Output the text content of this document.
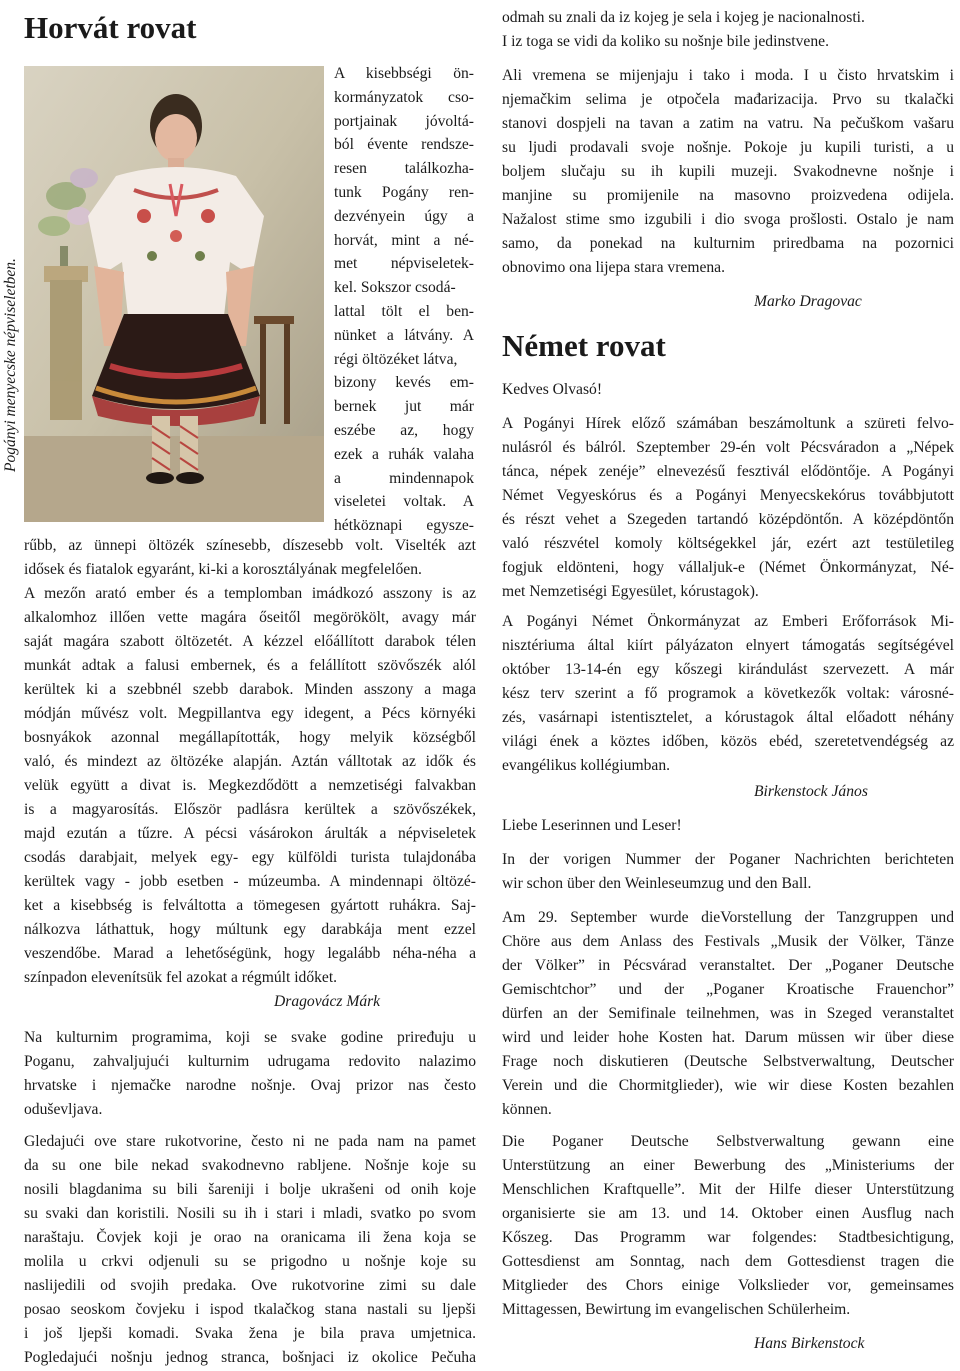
Horvát rovat
Pogányi menyecske népviseletben.
A kisebbségi ön-
kormányzatok cso-
portjainak jóvoltá-
ból évente rendsze-
resen találkozha-
tunk Pogány ren-
dezvényein úgy a
horvát, mint a né-
met népviseletek-
kel. Sokszor csodá-
lattal tölt el ben-
nünket a látvány. A
régi öltözéket látva,
bizony kevés em-
bernek jut már
eszébe az, hogy
ezek a ruhák valaha
a mindennapok
viseletei voltak. A
hétköznapi egysze-
rűbb, az ünnepi öltözék színesebb, díszesebb volt. Viselték azt
idősek és fiatalok egyaránt, ki-ki a korosztályának megfelelően.
A mezőn arató ember és a templomban imádkozó asszony is az
alkalomhoz illően vette magára őseitől megörökölt, avagy már
saját magára szabott öltözetét. A kézzel előállított darabok télen
munkát adtak a falusi embernek, és a felállított szövőszék alól
kerültek ki a szebbnél szebb darabok. Minden asszony a maga
módján művész volt. Megpillantva egy idegent, a Pécs környéki
bosnyákok azonnal megállapították, hogy melyik községből
való, és mindezt az öltözéke alapján. Aztán válltotak az idők és
velük együtt a divat is. Megkezdődött a nemzetiségi falvakban
is a magyarosítás. Először padlásra kerültek a szövőszékek,
majd ezután a tűzre. A pécsi vásárokon árulták a népviseletek
csodás darabjait, melyek egy- egy külföldi turista tulajdonába
kerültek vagy - jobb esetben - múzeumba. A mindennapi öltözé-
ket a kisebbség is felváltotta a tömegesen gyártott ruhákra. Saj-
nálkozva láthattuk, hogy múltunk egy darabkája ment ezzel
veszendőbe. Marad a lehetőségünk, hogy legalább néha-néha a
színpadon elevenítsük fel azokat a régmúlt időket.
Dragovácz Márk
Na kulturnim programima, koji se svake godine priređuju u
Poganu, zahvaljujući kulturnim udrugama redovito nalazimo
hrvatske i njemačke narodne nošnje. Ovaj prizor nas često
oduševljava.
Gledajući ove stare rukotvorine, često ni ne pada nam na pamet
da su one bile nekad svakodnevno rabljene. Nošnje koje su
nosili blagdanima su bili šareniji i bolje ukrašeni od onih koje
su svaki dan koristili. Nosili su ih i stari i mladi, svatko po svom
naraštaju. Čovjek koji je orao na oranicama ili žena koja se
molila u crkvi odjenuli su se prigodno u nošnje koje su
naslijedili od svojih predaka. Ove rukotvorine zimi su dale
posao seoskom čovjeku i ispod tkalačkog stana nastali su ljepši
i još ljepši komadi. Svaka žena je bila prava umjetnica.
Pogledajući nošnju jednog stranca, bošnjaci iz okolice Pečuha
odmah su znali da iz kojeg je sela i kojeg je nacionalnosti.
I iz toga se vidi da koliko su nošnje bile jedinstvene.
Ali vremena se mijenjaju i tako i moda. I u čisto hrvatskim i
njemačkim selima je otpočela mađarizacija. Prvo su tkalački
stanovi dospjeli na tavan a zatim na vatru. Na pečuškom vašaru
su ljudi prodavali svoje nošnje. Pokoje ju kupili turisti, a u
boljem slučaju su ih kupili muzeji. Svakodnevne nošnje i
manjine su promijenile na masovno proizvedena odijela.
Nažalost stime smo izgubili i dio svoga prošlosti. Ostalo je nam
samo, da ponekad na kulturnim priredbama na pozornici
obnovimo ona lijepa stara vremena.
Marko Dragovac
Német rovat
Kedves Olvasó!
A Pogányi Hírek előző számában beszámoltunk a szüreti felvo-
nulásról és bálról. Szeptember 29-én volt Pécsváradon a „Népek
tánca, népek zenéje” elnevezésű fesztivál elődöntője. A Pogányi
Német Vegyeskórus és a Pogányi Menyecskekórus továbbjutott
és részt vehet a Szegeden tartandó középdöntőn. A középdöntőn
való részvétel komoly költségekkel jár, ezért azt testületileg
fogjuk eldönteni, hogy vállaljuk-e (Német Önkormányzat, Né-
met Nemzetiségi Egyesület, kórustagok).
A Pogányi Német Önkormányzat az Emberi Erőforrások Mi-
nisztériuma által kiírt pályázaton elnyert támogatás segítségével
október 13-14-én egy kőszegi kirándulást szervezett. A már
kész terv szerint a fő programok a következők voltak: városné-
zés, vasárnapi istentisztelet, a kórustagok által előadott néhány
világi ének a köztes időben, közös ebéd, szeretetvendégség az
evangélikus kollégiumban.
Birkenstock János
Liebe Leserinnen und Leser!
In der vorigen Nummer der Poganer Nachrichten berichteten
wir schon über den Weinleseumzug und den Ball.
Am 29. September wurde dieVorstellung der Tanzgruppen und
Chöre aus dem Anlass des Festivals „Musik der Völker, Tänze
der Völker” in Pécsvárad veranstaltet. Der „Poganer Deutsche
Gemischtchor” und der „Poganer Kroatische Frauenchor”
dürfen an der Semifinale teilnehmen, was in Szeged veranstaltet
wird und leider hohe Kosten hat. Darum müssen wir über diese
Frage noch diskutieren (Deutsche Selbstverwaltung, Deutscher
Verein und die Chormitglieder), wie wir diese Kosten bezahlen
können.
Die Poganer Deutsche Selbstverwaltung gewann eine
Unterstützung an einer Bewerbung des „Ministeriums der
Menschlichen Kraftquelle”. Mit der Hilfe dieser Unterstützung
organisierte sie am 13. und 14. Oktober einen Ausflug nach
Kőszeg. Das Programm war folgendes: Stadtbesichtigung,
Gottesdienst am Sonntag, nach dem Gottesdienst tragen die
Mitglieder des Chors einige Volkslieder vor, gemeinsames
Mittagessen, Bewirtung im evangelischen Schülerheim.
Hans Birkenstock
